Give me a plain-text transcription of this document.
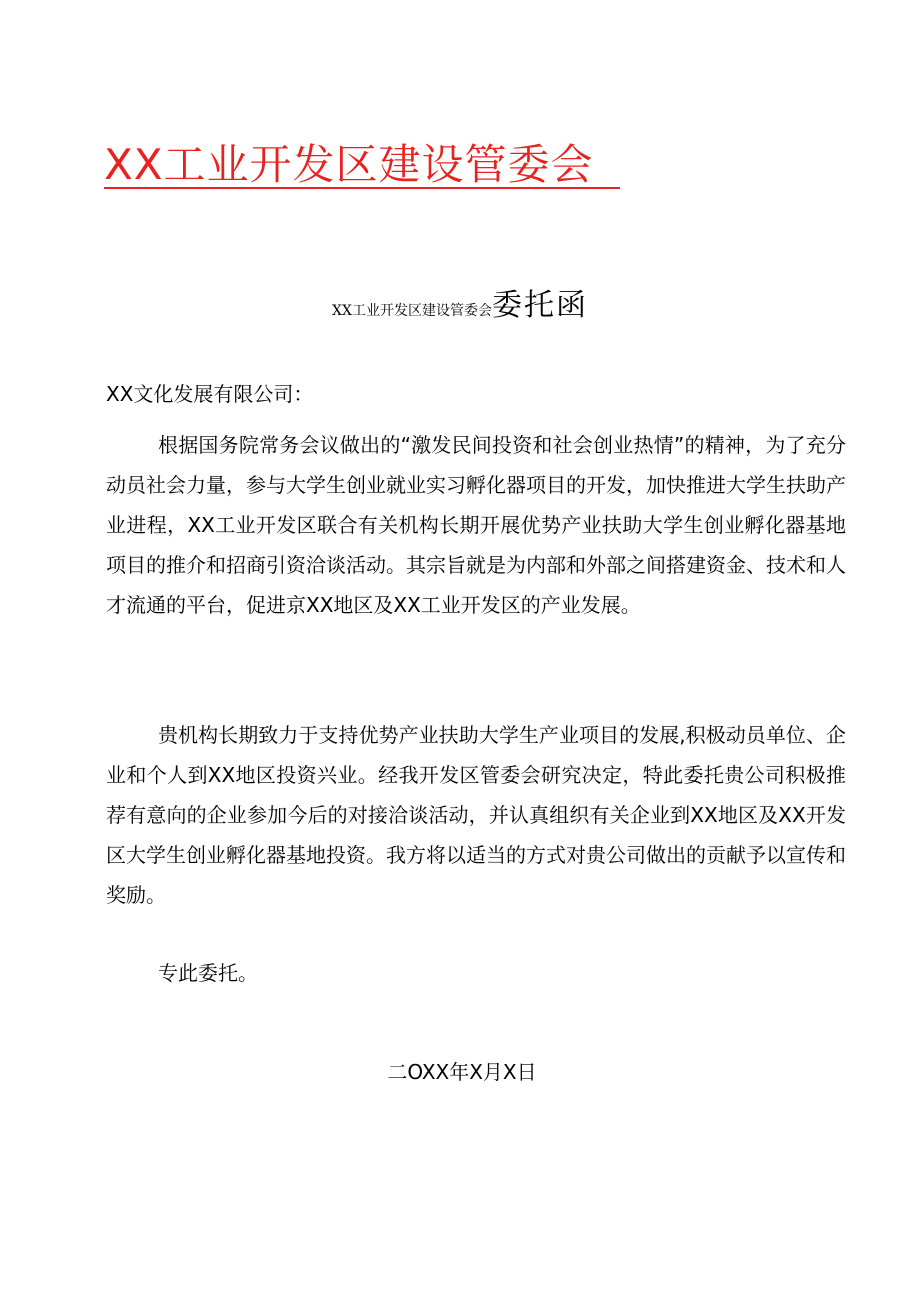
XX工业开发区建设管委会
XX工业开发区建设管委会委托函
XX文化发展有限公司：

根据国务院常务会议做出的“激发民间投资和社会创业热情”的精神，为了充分动员社会力量，参与大学生创业就业实习孵化器项目的开发，加快推进大学生扶助产业进程，XX工业开发区联合有关机构长期开展优势产业扶助大学生创业孵化器基地项目的推介和招商引资洽谈活动。其宗旨就是为内部和外部之间搭建资金、技术和人才流通的平台，促进京XX地区及XX工业开发区的产业发展。

贵机构长期致力于支持优势产业扶助大学生产业项目的发展,积极动员单位、企业和个人到XX地区投资兴业。经我开发区管委会研究决定，特此委托贵公司积极推荐有意向的企业参加今后的对接洽谈活动，并认真组织有关企业到XX地区及XX开发区大学生创业孵化器基地投资。我方将以适当的方式对贵公司做出的贡献予以宣传和奖励。

专此委托。

二OXX年X月X日
